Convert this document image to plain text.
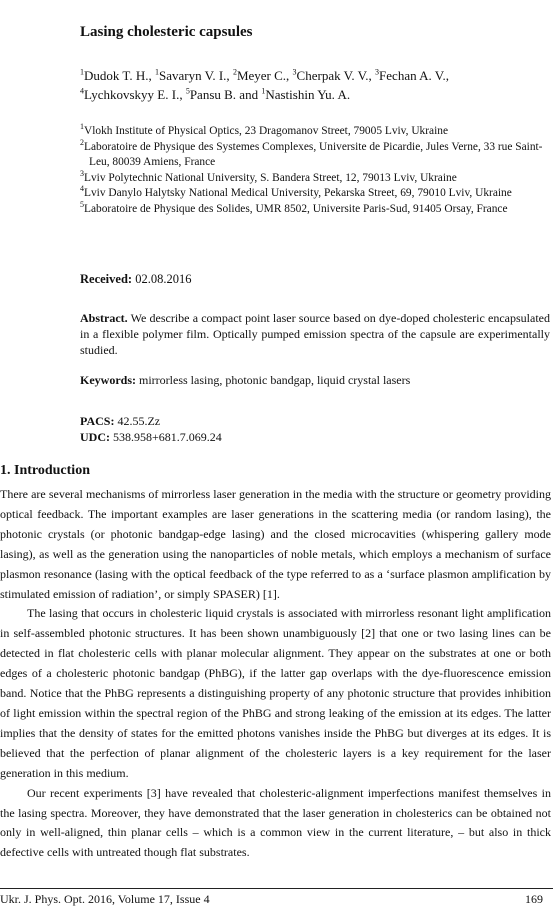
Lasing cholesteric capsules
$^1$Dudok T. H., $^1$Savaryn V. I., $^2$Meyer C., $^3$Cherpak V. V., $^3$Fechan A. V.,
$^4$Lychkovskyy E. I., $^5$Pansu B. and $^1$Nastishin Yu. A.
$^1$Vlokh Institute of Physical Optics, 23 Dragomanov Street, 79005 Lviv, Ukraine
$^2$Laboratoire de Physique des Systemes Complexes, Universite de Picardie, Jules Verne, 33 rue Saint-Leu, 80039 Amiens, France
$^3$Lviv Polytechnic National University, S. Bandera Street, 12, 79013 Lviv, Ukraine
$^4$Lviv Danylo Halytsky National Medical University, Pekarska Street, 69, 79010 Lviv, Ukraine
$^5$Laboratoire de Physique des Solides, UMR 8502, Universite Paris-Sud, 91405 Orsay, France
Received: 02.08.2016
Abstract. We describe a compact point laser source based on dye-doped cholesteric encapsulated in a flexible polymer film. Optically pumped emission spectra of the capsule are experimentally studied.
Keywords: mirrorless lasing, photonic bandgap, liquid crystal lasers
PACS: 42.55.Zz
UDC: 538.958+681.7.069.24
1. Introduction

There are several mechanisms of mirrorless laser generation in the media with the structure or geometry providing optical feedback. The important examples are laser generations in the scattering media (or random lasing), the photonic crystals (or photonic bandgap-edge lasing) and the closed microcavities (whispering gallery mode lasing), as well as the generation using the nanoparticles of noble metals, which employs a mechanism of surface plasmon resonance (lasing with the optical feedback of the type referred to as a ‘surface plasmon amplification by stimulated emission of radiation’, or simply SPASER) [1].

The lasing that occurs in cholesteric liquid crystals is associated with mirrorless resonant light amplification in self-assembled photonic structures. It has been shown unambiguously [2] that one or two lasing lines can be detected in flat cholesteric cells with planar molecular alignment. They appear on the substrates at one or both edges of a cholesteric photonic bandgap (PhBG), if the latter gap overlaps with the dye-fluorescence emission band. Notice that the PhBG represents a distinguishing property of any photonic structure that provides inhibition of light emission within the spectral region of the PhBG and strong leaking of the emission at its edges. The latter implies that the density of states for the emitted photons vanishes inside the PhBG but diverges at its edges. It is believed that the perfection of planar alignment of the cholesteric layers is a key requirement for the laser generation in this medium.

Our recent experiments [3] have revealed that cholesteric-alignment imperfections manifest themselves in the lasing spectra. Moreover, they have demonstrated that the laser generation in cholesterics can be obtained not only in well-aligned, thin planar cells – which is a common view in the current literature, – but also in thick defective cells with untreated though flat substrates.

Ukr. J. Phys. Opt. 2016, Volume 17, Issue 4	169
